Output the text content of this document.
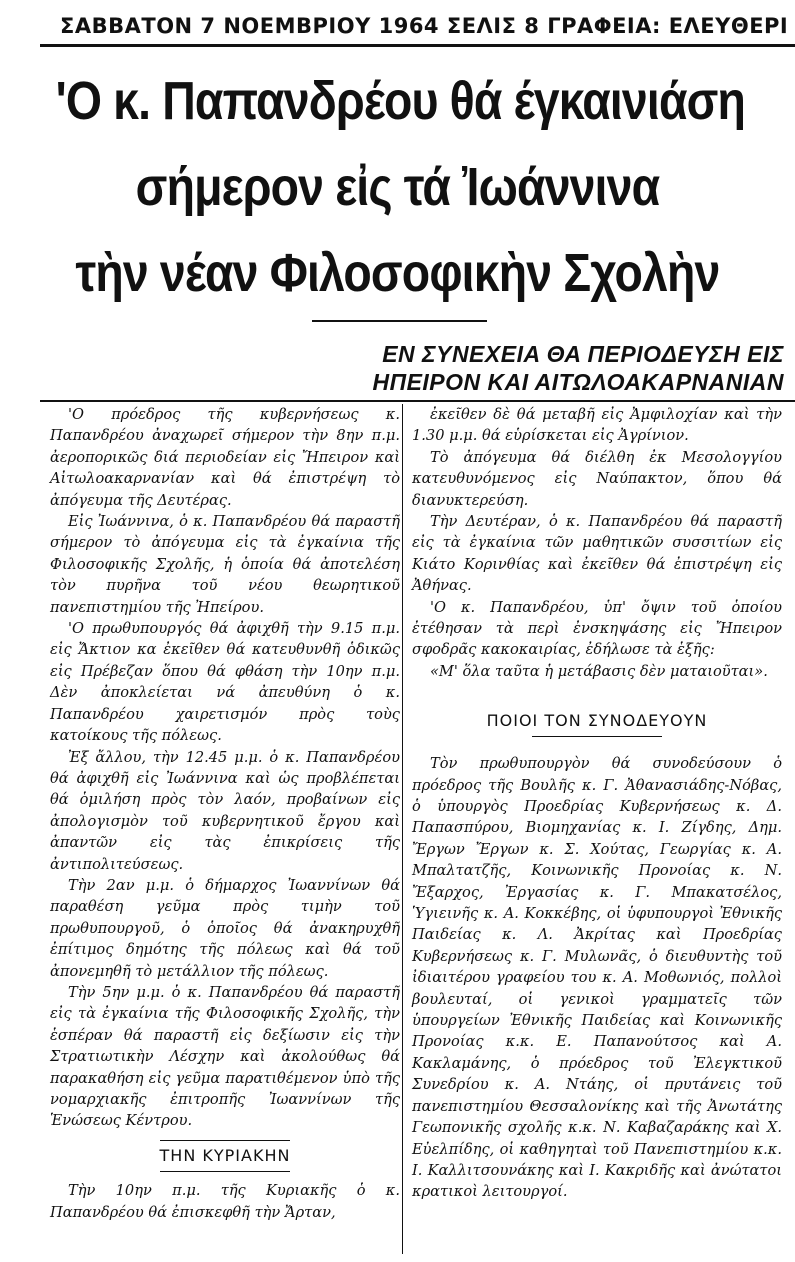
ΣΑΒΒΑΤΟΝ 7 ΝΟΕΜΒΡΙΟΥ 1964 ΣΕΛΙΣ 8 ΓΡΑΦΕΙΑ: ΕΛΕΥΘΕΡΙ
'Ο κ. Παπανδρέου θά έγκαινιάση
σήμερον εἰς τά Ἰωάννινα
τὴν νέαν Φιλοσοφικὴν Σχολὴν
ΕΝ ΣΥΝΕΧΕΙΑ ΘΑ ΠΕΡΙΟΔΕΥΣΗ ΕΙΣ
ΗΠΕΙΡΟΝ ΚΑΙ ΑΙΤΩΛΟΑΚΑΡΝΑΝΙΑΝ

'Ο πρόεδρος τῆς κυβερνήσεως κ. Παπανδρέου ἀναχωρεῖ σήμερον τὴν 8ην π.μ. ἀεροπορικῶς διά περιοδείαν εἰς Ἤπειρον καὶ Αἰτωλοακαρνανίαν καὶ θά ἐπιστρέψη τὸ ἀπόγευμα τῆς Δευτέρας.

Εἰς Ἰωάννινα, ὁ κ. Παπανδρέου θά παραστῆ σήμερον τὸ ἀπόγευμα εἰς τὰ ἐγκαίνια τῆς Φιλοσοφικῆς Σχολῆς, ἡ ὁποία θά ἀποτελέση τὸν πυρῆνα τοῦ νέου θεωρητικοῦ πανεπιστημίου τῆς Ἠπείρου.

'Ο πρωθυπουργός θά ἀφιχθῆ τὴν 9.15 π.μ. εἰς Ἄκτιον κα ἐκεῖθεν θά κατευθυνθῆ ὁδικῶς εἰς Πρέβεζαν ὅπου θά φθάση τὴν 10ην π.μ. Δὲν ἀποκλείεται νά ἀπευθύνη ὁ κ. Παπανδρέου χαιρετισμόν πρὸς τοὺς κατοίκους τῆς πόλεως.

Ἐξ ἄλλου, τὴν 12.45 μ.μ. ὁ κ. Παπανδρέου θά ἀφιχθῆ εἰς Ἰωάννινα καὶ ὡς προβλέπεται θά ὁμιλήση πρὸς τὸν λαόν, προβαίνων εἰς ἀπολογισμὸν τοῦ κυβερνητικοῦ ἔργου καὶ ἀπαντῶν εἰς τὰς ἐπικρίσεις τῆς ἀντιπολιτεύσεως.

Τὴν 2αν μ.μ. ὁ δήμαρχος Ἰωαννίνων θά παραθέση γεῦμα πρὸς τιμὴν τοῦ πρωθυπουργοῦ, ὁ ὁποῖος θά ἀνακηρυχθῆ ἐπίτιμος δημότης τῆς πόλεως καὶ θά τοῦ ἀπονεμηθῆ τὸ μετάλλιον τῆς πόλεως.

Τὴν 5ην μ.μ. ὁ κ. Παπανδρέου θά παραστῆ εἰς τὰ ἐγκαίνια τῆς Φιλοσοφικῆς Σχολῆς, τὴν ἑσπέραν θά παραστῆ εἰς δεξίωσιν εἰς τὴν Στρατιωτικὴν Λέσχην καὶ ἀκολούθως θά παρακαθήση εἰς γεῦμα παρατιθέμενον ὑπὸ τῆς νομαρχιακῆς ἐπιτροπῆς Ἰωαννίνων τῆς Ἑνώσεως Κέντρου.

ΤΗΝ ΚΥΡΙΑΚΗΝ

Τὴν 10ην π.μ. τῆς Κυριακῆς ὁ κ. Παπανδρέου θά ἐπισκεφθῆ τὴν Ἄρταν,

ἐκεῖθεν δὲ θά μεταβῆ εἰς Ἀμφιλοχίαν καὶ τὴν 1.30 μ.μ. θά εὑρίσκεται εἰς Ἀγρίνιον.

Τὸ ἀπόγευμα θά διέλθη ἐκ Μεσολογγίου κατευθυνόμενος εἰς Ναύπακτον, ὅπου θά διανυκτερεύση.

Τὴν Δευτέραν, ὁ κ. Παπανδρέου θά παραστῆ εἰς τὰ ἐγκαίνια τῶν μαθητικῶν συσσιτίων εἰς Κιάτο Κορινθίας καὶ ἐκεῖθεν θά ἐπιστρέψη εἰς Ἀθήνας.

'Ο κ. Παπανδρέου, ὑπ' ὄψιν τοῦ ὁποίου ἐτέθησαν τὰ περὶ ἐνσκηψάσης εἰς Ἤπειρον σφοδρᾶς κακοκαιρίας, ἐδήλωσε τὰ ἑξῆς:

«Μ' ὅλα ταῦτα ἡ μετάβασις δὲν ματαιοῦται».

ΠΟΙΟΙ ΤΟΝ ΣΥΝΟΔΕΥΟΥΝ

Τὸν πρωθυπουργὸν θά συνοδεύσουν ὁ πρόεδρος τῆς Βουλῆς κ. Γ. Ἀθανασιάδης-Νόβας, ὁ ὑπουργὸς Προεδρίας Κυβερνήσεως κ. Δ. Παπασπύρου, Βιομηχανίας κ. Ι. Ζίγδης, Δημ. Ἔργων Ἔργων κ. Σ. Χούτας, Γεωργίας κ. Α. Μπαλτατζῆς, Κοινωνικῆς Προνοίας κ. Ν. Ἔξαρχος, Ἐργασίας κ. Γ. Μπακατσέλος, Ὑγιεινῆς κ. Α. Κοκκέβης, οἱ ὑφυπουργοὶ Ἐθνικῆς Παιδείας κ. Λ. Ἀκρίτας καὶ Προεδρίας Κυβερνήσεως κ. Γ. Μυλωνᾶς, ὁ διευθυντὴς τοῦ ἰδιαιτέρου γραφείου του κ. Α. Μοθωνιός, πολλοὶ βουλευταί, οἱ γενικοὶ γραμματεῖς τῶν ὑπουργείων Ἐθνικῆς Παιδείας καὶ Κοινωνικῆς Προνοίας κ.κ. Ε. Παπανούτσος καὶ Α. Κακλαμάνης, ὁ πρόεδρος τοῦ Ἐλεγκτικοῦ Συνεδρίου κ. Α. Ντάης, οἱ πρυτάνεις τοῦ πανεπιστημίου Θεσσαλονίκης καὶ τῆς Ἀνωτάτης Γεωπονικῆς σχολῆς κ.κ. Ν. Καβαζαράκης καὶ Χ. Εὐελπίδης, οἱ καθηγηταὶ τοῦ Πανεπιστημίου κ.κ. Ι. Καλλιτσουνάκης καὶ Ι. Κακριδῆς καὶ ἀνώτατοι κρατικοὶ λειτουργοί.
